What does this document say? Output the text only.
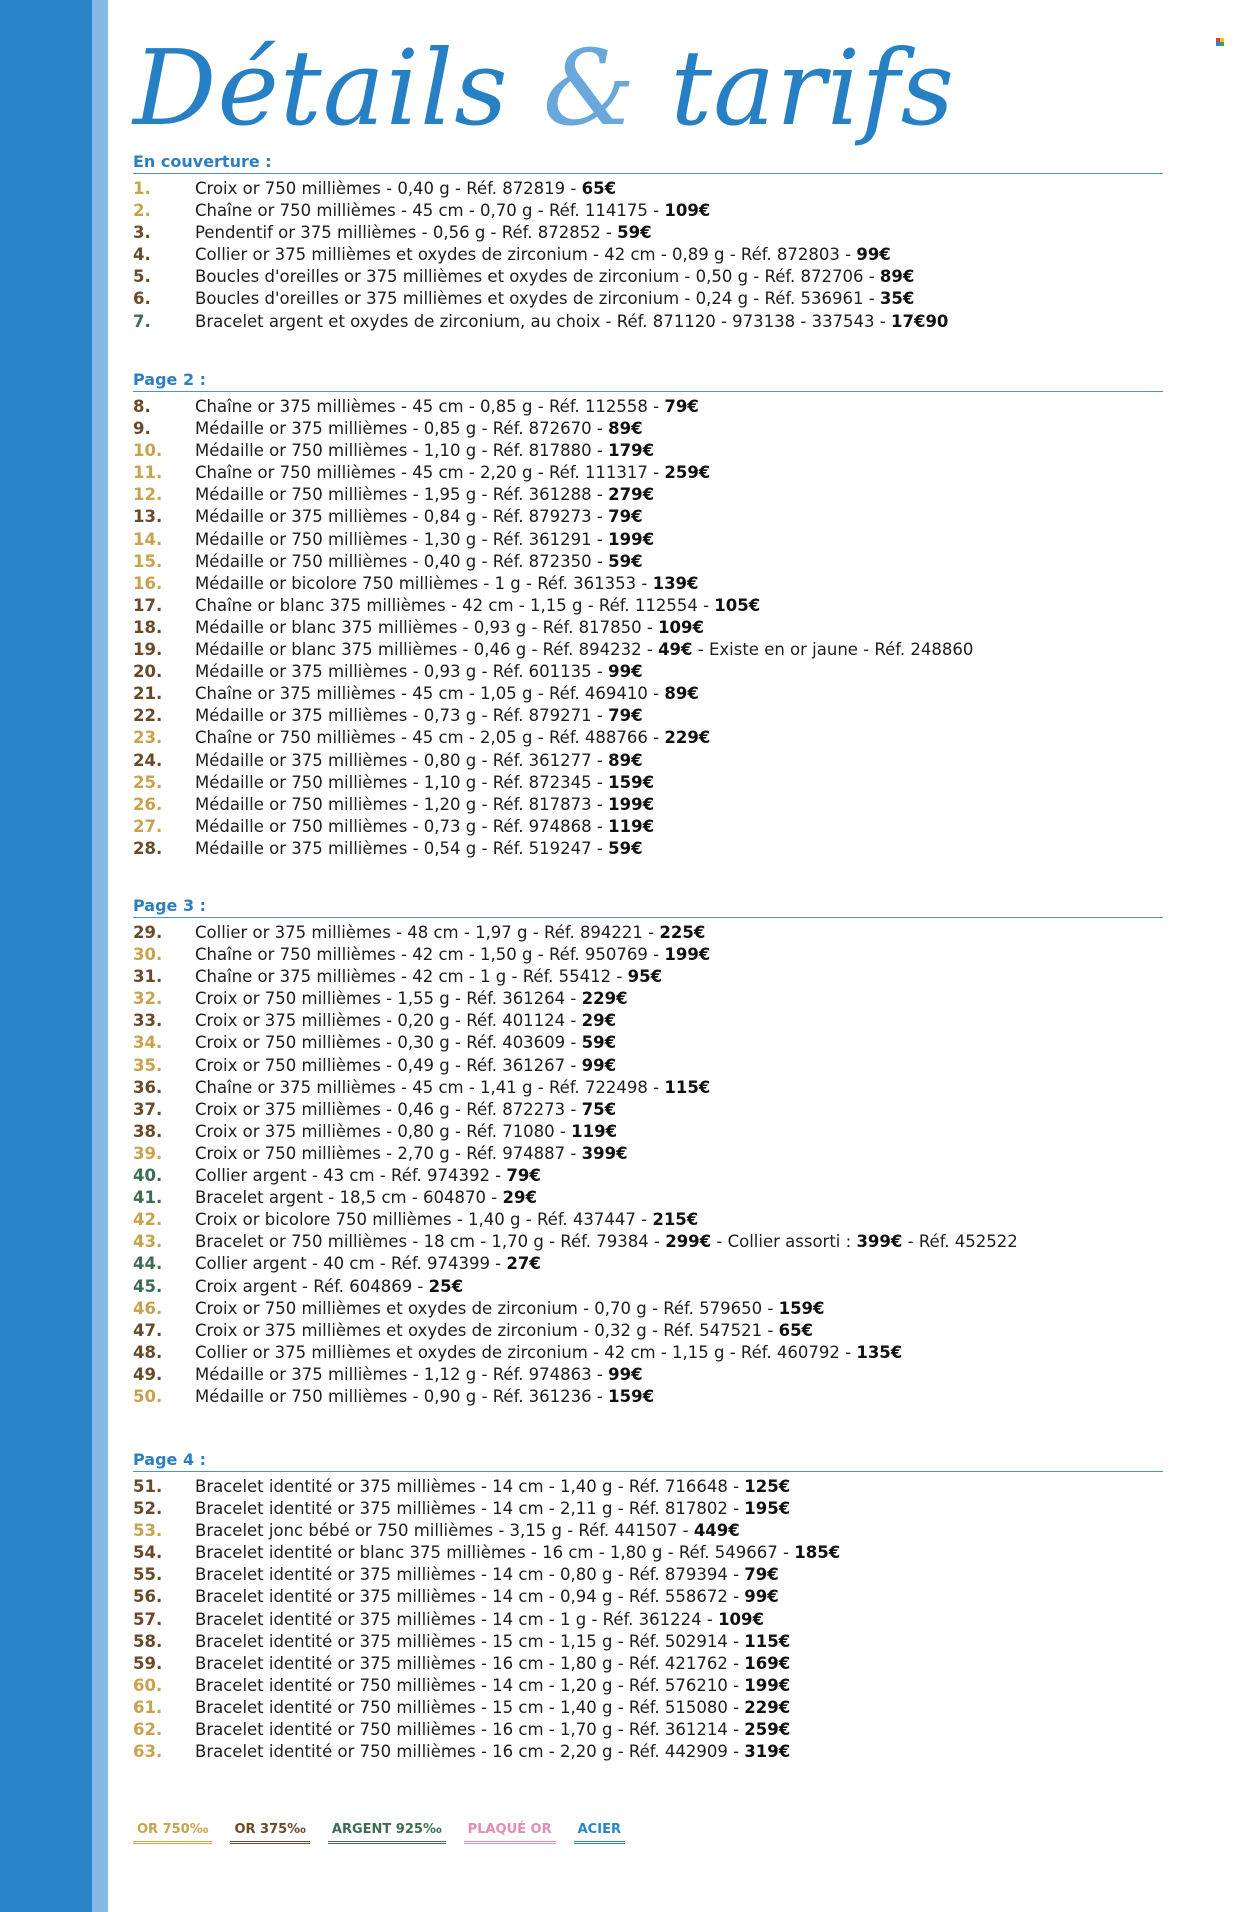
Détails & tarifs
En couverture :
1.	Croix or 750 millièmes - 0,40 g - Réf. 872819 - 65€
2.	Chaîne or 750 millièmes - 45 cm - 0,70 g - Réf. 114175 - 109€
3.	Pendentif or 375 millièmes - 0,56 g - Réf. 872852 - 59€
4.	Collier or 375 millièmes et oxydes de zirconium - 42 cm - 0,89 g - Réf. 872803 - 99€
5.	Boucles d'oreilles or 375 millièmes et oxydes de zirconium - 0,50 g - Réf. 872706 - 89€
6.	Boucles d'oreilles or 375 millièmes et oxydes de zirconium - 0,24 g - Réf. 536961 - 35€
7.	Bracelet argent et oxydes de zirconium, au choix - Réf. 871120 - 973138 - 337543 - 17€90
Page 2 :
8.	Chaîne or 375 millièmes - 45 cm - 0,85 g - Réf. 112558 - 79€
9.	Médaille or 375 millièmes - 0,85 g - Réf. 872670 - 89€
10.	Médaille or 750 millièmes - 1,10 g - Réf. 817880 - 179€
11.	Chaîne or 750 millièmes - 45 cm - 2,20 g - Réf. 111317 - 259€
12.	Médaille or 750 millièmes - 1,95 g - Réf. 361288 - 279€
13.	Médaille or 375 millièmes - 0,84 g - Réf. 879273 - 79€
14.	Médaille or 750 millièmes - 1,30 g - Réf. 361291 - 199€
15.	Médaille or 750 millièmes - 0,40 g - Réf. 872350 - 59€
16.	Médaille or bicolore 750 millièmes - 1 g - Réf. 361353 - 139€
17.	Chaîne or blanc 375 millièmes - 42 cm - 1,15 g - Réf. 112554 - 105€
18.	Médaille or blanc 375 millièmes - 0,93 g - Réf. 817850 - 109€
19.	Médaille or blanc 375 millièmes - 0,46 g - Réf. 894232 - 49€ - Existe en or jaune - Réf. 248860
20.	Médaille or 375 millièmes - 0,93 g - Réf. 601135 - 99€
21.	Chaîne or 375 millièmes - 45 cm - 1,05 g - Réf. 469410 - 89€
22.	Médaille or 375 millièmes - 0,73 g - Réf. 879271 - 79€
23.	Chaîne or 750 millièmes - 45 cm - 2,05 g - Réf. 488766 - 229€
24.	Médaille or 375 millièmes - 0,80 g - Réf. 361277 - 89€
25.	Médaille or 750 millièmes - 1,10 g - Réf. 872345 - 159€
26.	Médaille or 750 millièmes - 1,20 g - Réf. 817873 - 199€
27.	Médaille or 750 millièmes - 0,73 g - Réf. 974868 - 119€
28.	Médaille or 375 millièmes - 0,54 g - Réf. 519247 - 59€
Page 3 :
29.	Collier or 375 millièmes - 48 cm - 1,97 g - Réf. 894221 - 225€
30.	Chaîne or 750 millièmes - 42 cm - 1,50 g - Réf. 950769 - 199€
31.	Chaîne or 375 millièmes - 42 cm - 1 g - Réf. 55412 - 95€
32.	Croix or 750 millièmes - 1,55 g - Réf. 361264 - 229€
33.	Croix or 375 millièmes - 0,20 g - Réf. 401124 - 29€
34.	Croix or 750 millièmes - 0,30 g - Réf. 403609 - 59€
35.	Croix or 750 millièmes - 0,49 g - Réf. 361267 - 99€
36.	Chaîne or 375 millièmes - 45 cm - 1,41 g - Réf. 722498 - 115€
37.	Croix or 375 millièmes - 0,46 g - Réf. 872273 - 75€
38.	Croix or 375 millièmes - 0,80 g - Réf. 71080 - 119€
39.	Croix or 750 millièmes - 2,70 g - Réf. 974887 - 399€
40.	Collier argent - 43 cm - Réf. 974392 - 79€
41.	Bracelet argent - 18,5 cm - 604870 - 29€
42.	Croix or bicolore 750 millièmes - 1,40 g - Réf. 437447 - 215€
43.	Bracelet or 750 millièmes - 18 cm - 1,70 g - Réf. 79384 - 299€ - Collier assorti : 399€ - Réf. 452522
44.	Collier argent - 40 cm - Réf. 974399 - 27€
45.	Croix argent - Réf. 604869 - 25€
46.	Croix or 750 millièmes et oxydes de zirconium - 0,70 g - Réf. 579650 - 159€
47.	Croix or 375 millièmes et oxydes de zirconium - 0,32 g - Réf. 547521 - 65€
48.	Collier or 375 millièmes et oxydes de zirconium - 42 cm - 1,15 g - Réf. 460792 - 135€
49.	Médaille or 375 millièmes - 1,12 g - Réf. 974863 - 99€
50.	Médaille or 750 millièmes - 0,90 g - Réf. 361236 - 159€
Page 4 :
51.	Bracelet identité or 375 millièmes - 14 cm - 1,40 g - Réf. 716648 - 125€
52.	Bracelet identité or 375 millièmes - 14 cm - 2,11 g - Réf. 817802 - 195€
53.	Bracelet jonc bébé or 750 millièmes - 3,15 g - Réf. 441507 - 449€
54.	Bracelet identité or blanc 375 millièmes - 16 cm - 1,80 g - Réf. 549667 - 185€
55.	Bracelet identité or 375 millièmes - 14 cm - 0,80 g - Réf. 879394 - 79€
56.	Bracelet identité or 375 millièmes - 14 cm - 0,94 g - Réf. 558672 - 99€
57.	Bracelet identité or 375 millièmes - 14 cm - 1 g - Réf. 361224 - 109€
58.	Bracelet identité or 375 millièmes - 15 cm - 1,15 g - Réf. 502914 - 115€
59.	Bracelet identité or 375 millièmes - 16 cm - 1,80 g - Réf. 421762 - 169€
60.	Bracelet identité or 750 millièmes - 14 cm - 1,20 g - Réf. 576210 - 199€
61.	Bracelet identité or 750 millièmes - 15 cm - 1,40 g - Réf. 515080 - 229€
62.	Bracelet identité or 750 millièmes - 16 cm - 1,70 g - Réf. 361214 - 259€
63.	Bracelet identité or 750 millièmes - 16 cm - 2,20 g - Réf. 442909 - 319€
OR 750‰	OR 375‰	ARGENT 925‰	PLAQUÉ OR	ACIER
